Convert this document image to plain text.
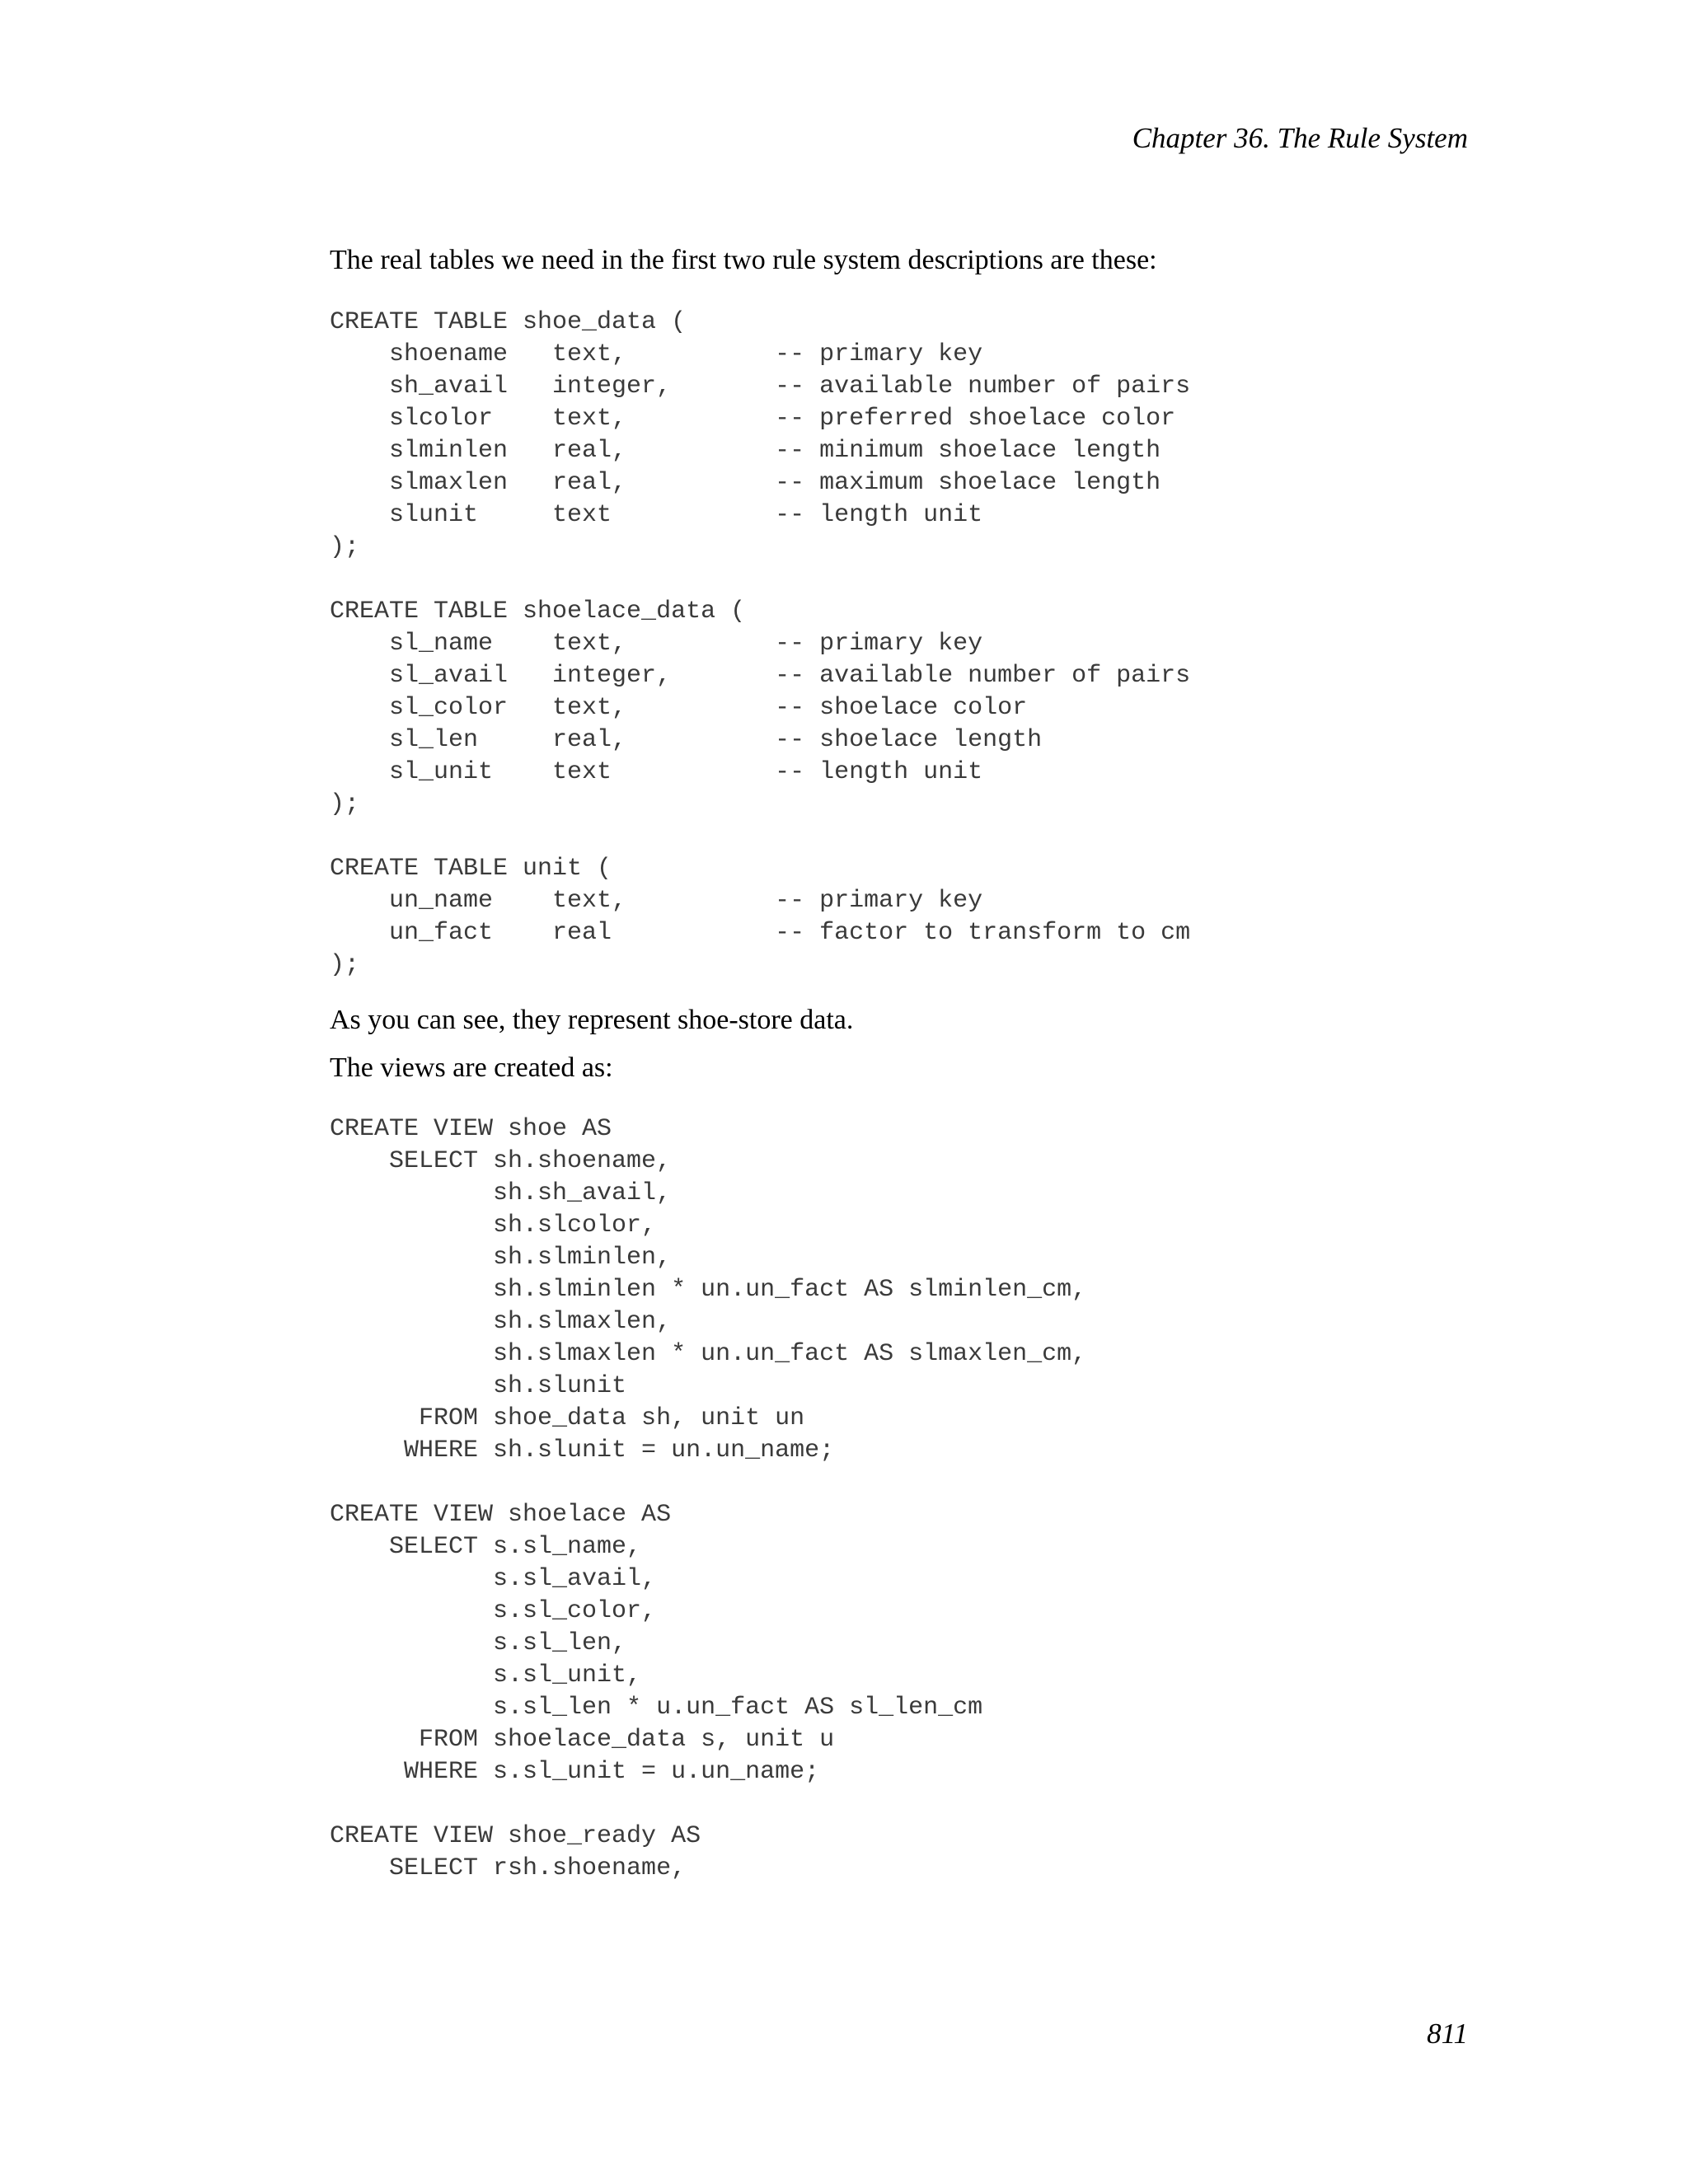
Chapter 36. The Rule System

The real tables we need in the first two rule system descriptions are these:

CREATE TABLE shoe_data (
shoename   text,          -- primary key
sh_avail   integer,       -- available number of pairs
slcolor    text,          -- preferred shoelace color
slminlen   real,          -- minimum shoelace length
slmaxlen   real,          -- maximum shoelace length
slunit     text           -- length unit
);

CREATE TABLE shoelace_data (
sl_name    text,          -- primary key
sl_avail   integer,       -- available number of pairs
sl_color   text,          -- shoelace color
sl_len     real,          -- shoelace length
sl_unit    text           -- length unit
);

CREATE TABLE unit (
un_name    text,          -- primary key
un_fact    real           -- factor to transform to cm
);

As you can see, they represent shoe-store data.

The views are created as:

CREATE VIEW shoe AS
SELECT sh.shoename,
sh.sh_avail,
sh.slcolor,
sh.slminlen,
sh.slminlen * un.un_fact AS slminlen_cm,
sh.slmaxlen,
sh.slmaxlen * un.un_fact AS slmaxlen_cm,
sh.slunit
FROM shoe_data sh, unit un
WHERE sh.slunit = un.un_name;

CREATE VIEW shoelace AS
SELECT s.sl_name,
s.sl_avail,
s.sl_color,
s.sl_len,
s.sl_unit,
s.sl_len * u.un_fact AS sl_len_cm
FROM shoelace_data s, unit u
WHERE s.sl_unit = u.un_name;

CREATE VIEW shoe_ready AS
SELECT rsh.shoename,
811
